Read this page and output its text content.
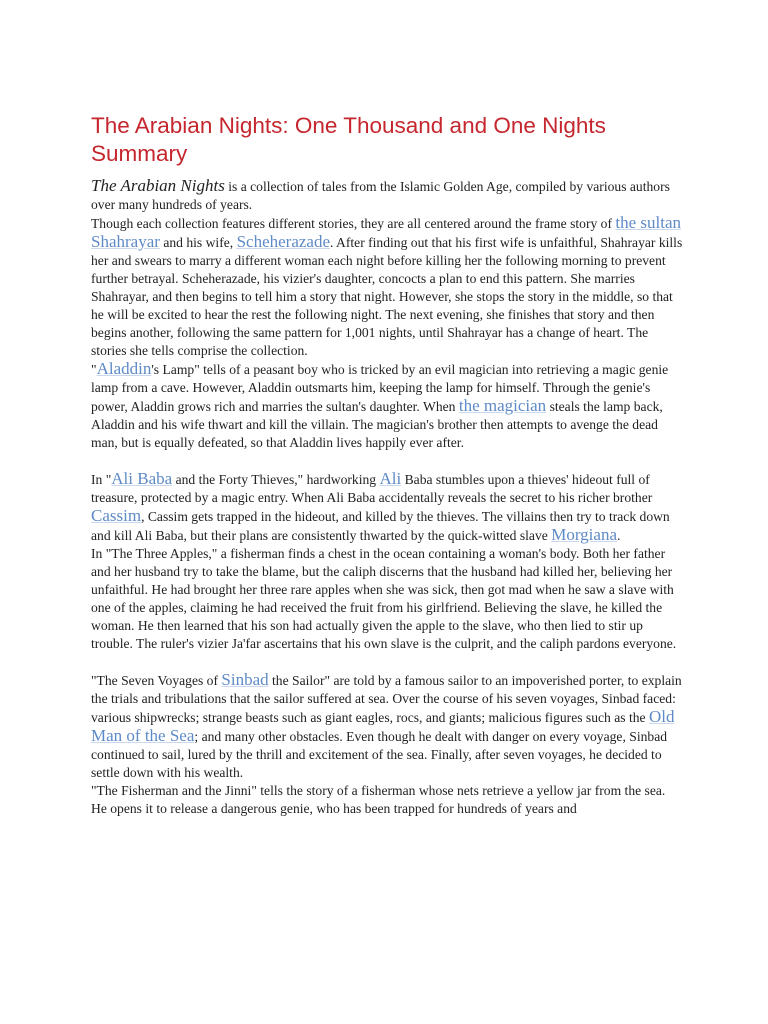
The Arabian Nights: One Thousand and One Nights Summary

The Arabian Nights is a collection of tales from the Islamic Golden Age, compiled by various authors over many hundreds of years.

Though each collection features different stories, they are all centered around the frame story of the sultan Shahrayar and his wife, Scheherazade. After finding out that his first wife is unfaithful, Shahrayar kills her and swears to marry a different woman each night before killing her the following morning to prevent further betrayal. Scheherazade, his vizier's daughter, concocts a plan to end this pattern. She marries Shahrayar, and then begins to tell him a story that night. However, she stops the story in the middle, so that he will be excited to hear the rest the following night. The next evening, she finishes that story and then begins another, following the same pattern for 1,001 nights, until Shahrayar has a change of heart. The stories she tells comprise the collection.

"Aladdin's Lamp" tells of a peasant boy who is tricked by an evil magician into retrieving a magic genie lamp from a cave. However, Aladdin outsmarts him, keeping the lamp for himself. Through the genie's power, Aladdin grows rich and marries the sultan's daughter. When the magician steals the lamp back, Aladdin and his wife thwart and kill the villain. The magician's brother then attempts to avenge the dead man, but is equally defeated, so that Aladdin lives happily ever after.

In "Ali Baba and the Forty Thieves," hardworking Ali Baba stumbles upon a thieves' hideout full of treasure, protected by a magic entry. When Ali Baba accidentally reveals the secret to his richer brother Cassim, Cassim gets trapped in the hideout, and killed by the thieves. The villains then try to track down and kill Ali Baba, but their plans are consistently thwarted by the quick-witted slave Morgiana.

In "The Three Apples," a fisherman finds a chest in the ocean containing a woman's body. Both her father and her husband try to take the blame, but the caliph discerns that the husband had killed her, believing her unfaithful. He had brought her three rare apples when she was sick, then got mad when he saw a slave with one of the apples, claiming he had received the fruit from his girlfriend. Believing the slave, he killed the woman. He then learned that his son had actually given the apple to the slave, who then lied to stir up trouble. The ruler's vizier Ja'far ascertains that his own slave is the culprit, and the caliph pardons everyone.

"The Seven Voyages of Sinbad the Sailor" are told by a famous sailor to an impoverished porter, to explain the trials and tribulations that the sailor suffered at sea. Over the course of his seven voyages, Sinbad faced: various shipwrecks; strange beasts such as giant eagles, rocs, and giants; malicious figures such as the Old Man of the Sea; and many other obstacles. Even though he dealt with danger on every voyage, Sinbad continued to sail, lured by the thrill and excitement of the sea. Finally, after seven voyages, he decided to settle down with his wealth.

"The Fisherman and the Jinni" tells the story of a fisherman whose nets retrieve a yellow jar from the sea. He opens it to release a dangerous genie, who has been trapped for hundreds of years and
